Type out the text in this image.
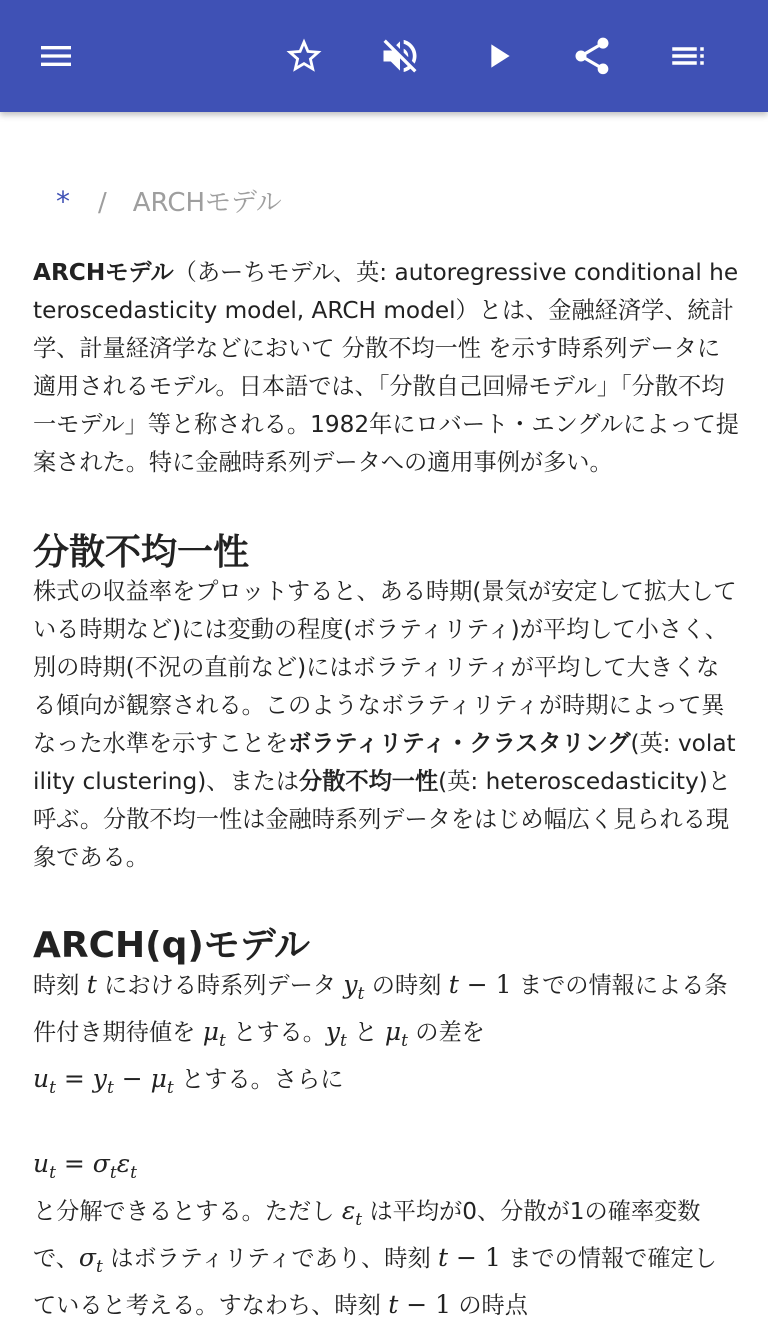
* / ARCHモデル

ARCHモデル（あーちモデル、英: autoregressive conditional heteroscedasticity model, ARCH model）とは、金融経済学、統計学、計量経済学などにおいて 分散不均一性 を示す時系列データに適用されるモデル。日本語では、「分散自己回帰モデル」「分散不均一モデル」等と称される。1982年にロバート・エングルによって提案された。特に金融時系列データへの適用事例が多い。

分散不均一性

株式の収益率をプロットすると、ある時期(景気が安定して拡大している時期など)には変動の程度(ボラティリティ)が平均して小さく、別の時期(不況の直前など)にはボラティリティが平均して大きくなる傾向が観察される。このようなボラティリティが時期によって異なった水準を示すことをボラティリティ・クラスタリング(英: volatility clustering)、または分散不均一性(英: heteroscedasticity)と呼ぶ。分散不均一性は金融時系列データをはじめ幅広く見られる現象である。

ARCH(q)モデル

時刻 t における時系列データ $y_t$ の時刻 t − 1 までの情報による条件付き期待値を $\mu_t$ とする。$y_t$ と $\mu_t$ の差を
$u_t = y_t - \mu_t$ とする。さらに

$u_t = \sigma_t\varepsilon_t$

と分解できるとする。ただし $\varepsilon_t$ は平均が0、分散が1の確率変数で、$\sigma_t$ はボラティリティであり、時刻 t − 1 までの情報で確定していると考える。すなわち、時刻 t − 1 の時点
